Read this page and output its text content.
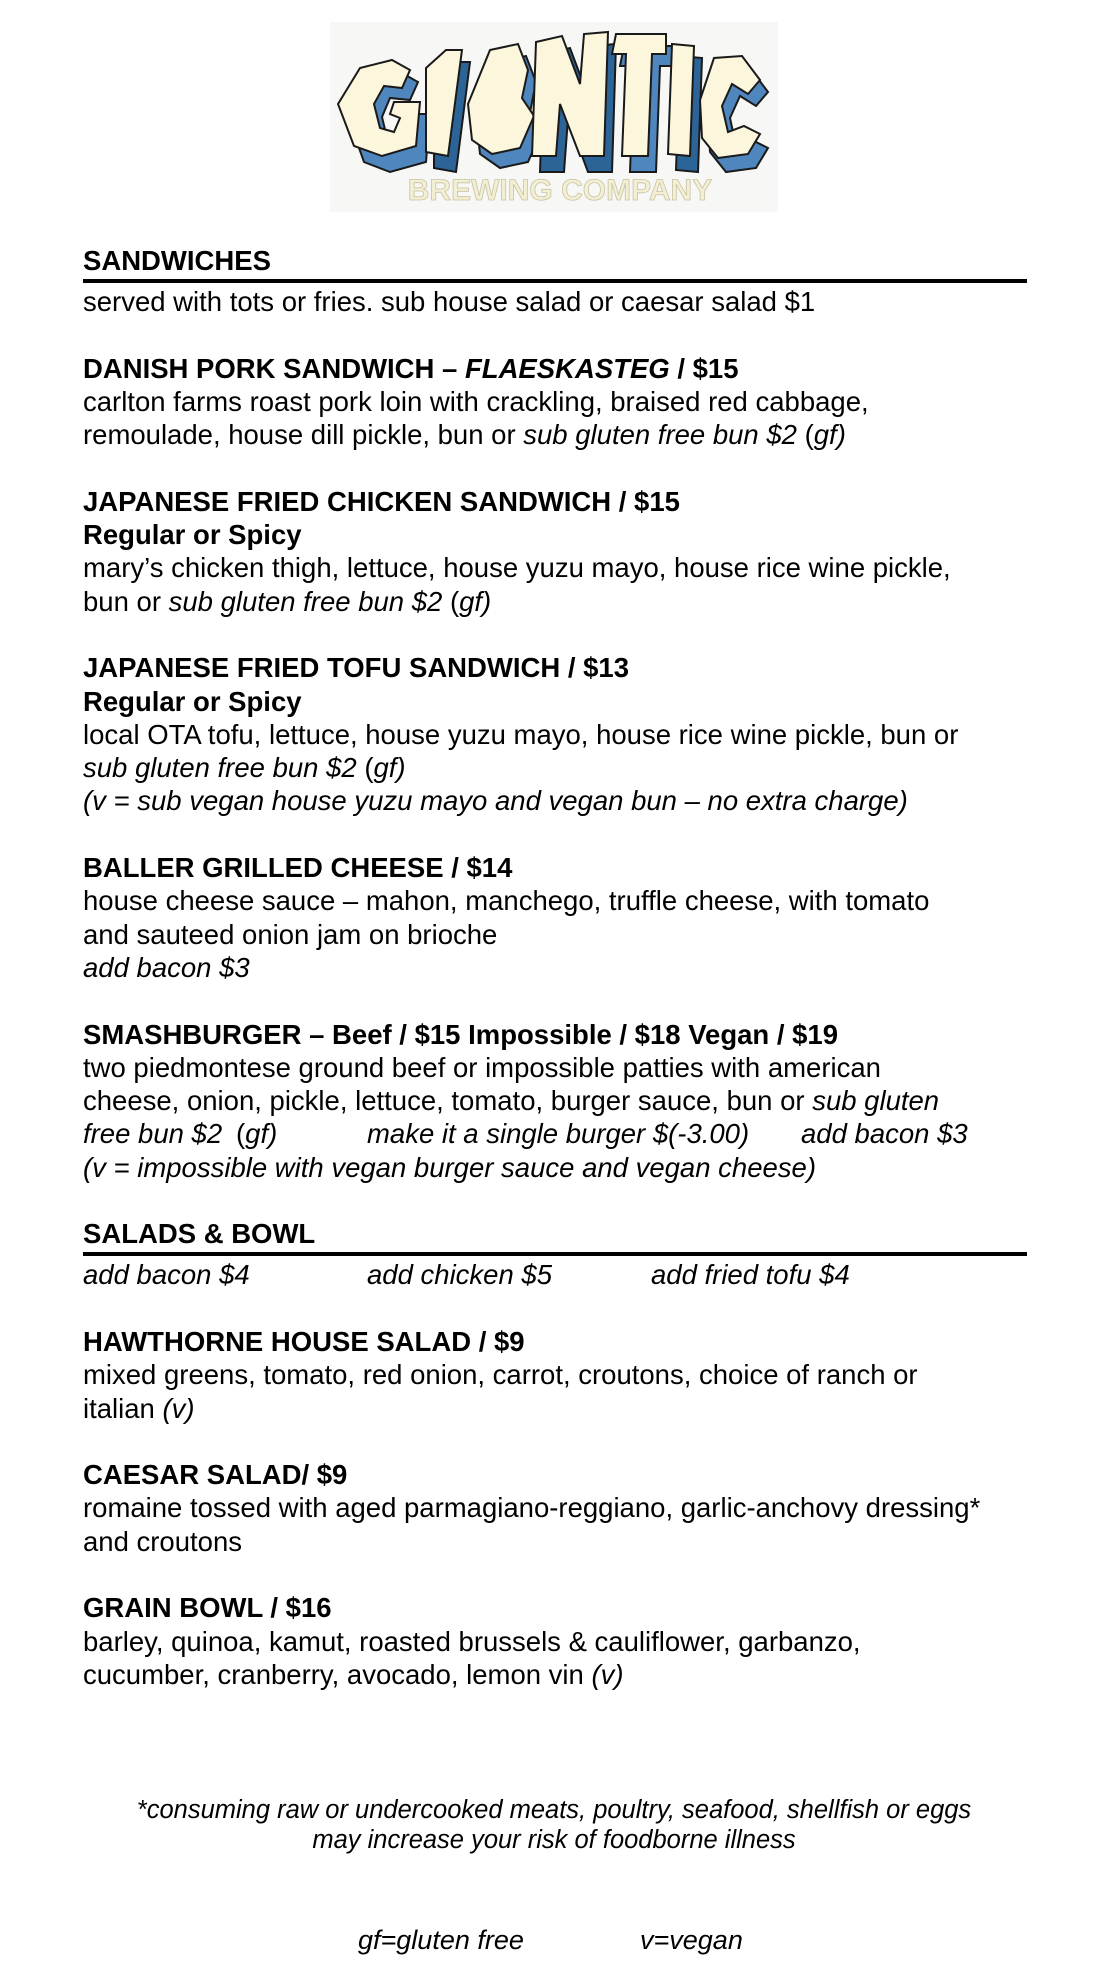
BREWING COMPANY
SANDWICHES
served with tots or fries. sub house salad or caesar salad $1
DANISH PORK SANDWICH – FLAESKASTEG / $15
carlton farms roast pork loin with crackling, braised red cabbage,
remoulade, house dill pickle, bun or sub gluten free bun $2 (gf)
JAPANESE FRIED CHICKEN SANDWICH / $15
Regular or Spicy
mary’s chicken thigh, lettuce, house yuzu mayo, house rice wine pickle,
bun or sub gluten free bun $2 (gf)
JAPANESE FRIED TOFU SANDWICH / $13
Regular or Spicy
local OTA tofu, lettuce, house yuzu mayo, house rice wine pickle, bun or
sub gluten free bun $2 (gf)
(v = sub vegan house yuzu mayo and vegan bun – no extra charge)
BALLER GRILLED CHEESE / $14
house cheese sauce – mahon, manchego, truffle cheese, with tomato
and sauteed onion jam on brioche
add bacon $3
SMASHBURGER – Beef / $15 Impossible / $18 Vegan / $19
two piedmontese ground beef or impossible patties with american
cheese, onion, pickle, lettuce, tomato, burger sauce, bun or sub gluten
free bun $2 (gf)	make it a single burger $(-3.00) add bacon $3
(v = impossible with vegan burger sauce and vegan cheese)
SALADS & BOWL
add bacon $4	add chicken $5	add fried tofu $4
HAWTHORNE HOUSE SALAD / $9
mixed greens, tomato, red onion, carrot, croutons, choice of ranch or
italian (v)
CAESAR SALAD/ $9
romaine tossed with aged parmagiano-reggiano, garlic-anchovy dressing*
and croutons
GRAIN BOWL / $16
barley, quinoa, kamut, roasted brussels & cauliflower, garbanzo,
cucumber, cranberry, avocado, lemon vin (v)
*consuming raw or undercooked meats, poultry, seafood, shellfish or eggs
may increase your risk of foodborne illness
gf=gluten free	v=vegan
